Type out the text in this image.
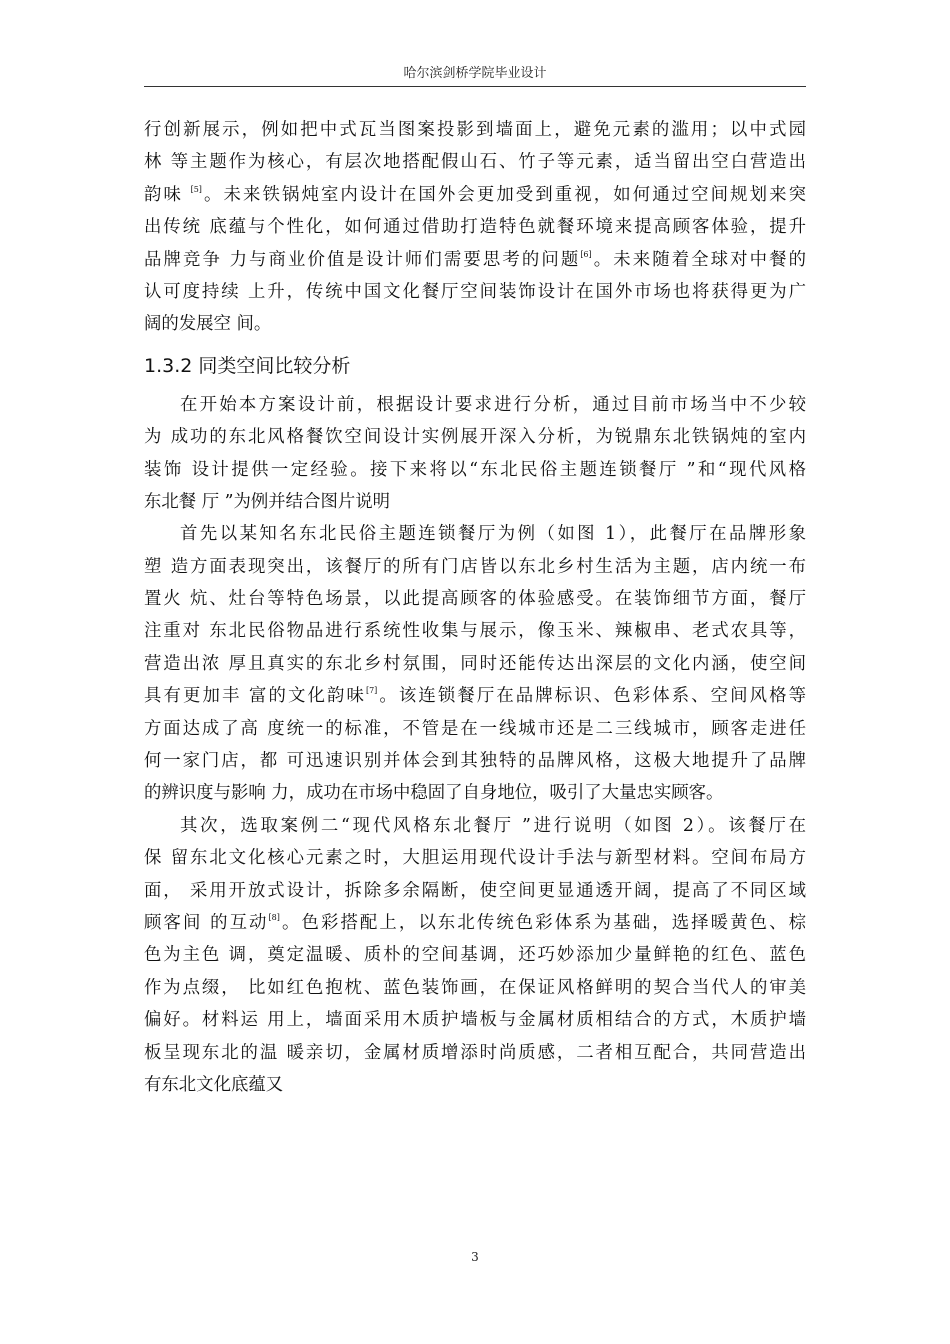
哈尔滨剑桥学院毕业设计
行创新展示，例如把中式瓦当图案投影到墙面上，避免元素的滥用；以中式园
林 等主题作为核心，有层次地搭配假山石、竹子等元素，适当留出空白营造出
韵味 [5]。未来铁锅炖室内设计在国外会更加受到重视，如何通过空间规划来突
出传统 底蕴与个性化，如何通过借助打造特色就餐环境来提高顾客体验，提升
品牌竞争 力与商业价值是设计师们需要思考的问题[6]。未来随着全球对中餐的
认可度持续 上升，传统中国文化餐厅空间装饰设计在国外市场也将获得更为广
阔的发展空 间。
1.3.2 同类空间比较分析
在开始本方案设计前，根据设计要求进行分析，通过目前市场当中不少较
为 成功的东北风格餐饮空间设计实例展开深入分析，为锐鼎东北铁锅炖的室内
装饰 设计提供一定经验。接下来将以“东北民俗主题连锁餐厅 ”和“现代风格
东北餐 厅 ”为例并结合图片说明
首先以某知名东北民俗主题连锁餐厅为例（如图 1），此餐厅在品牌形象
塑 造方面表现突出，该餐厅的所有门店皆以东北乡村生活为主题，店内统一布
置火 炕、灶台等特色场景，以此提高顾客的体验感受。在装饰细节方面，餐厅
注重对 东北民俗物品进行系统性收集与展示，像玉米、辣椒串、老式农具等，
营造出浓 厚且真实的东北乡村氛围，同时还能传达出深层的文化内涵，使空间
具有更加丰 富的文化韵味[7]。该连锁餐厅在品牌标识、色彩体系、空间风格等
方面达成了高 度统一的标准，不管是在一线城市还是二三线城市，顾客走进任
何一家门店，都 可迅速识别并体会到其独特的品牌风格，这极大地提升了品牌
的辨识度与影响 力，成功在市场中稳固了自身地位，吸引了大量忠实顾客。
其次，选取案例二“现代风格东北餐厅 ”进行说明（如图 2）。该餐厅在
保 留东北文化核心元素之时，大胆运用现代设计手法与新型材料。空间布局方
面， 采用开放式设计，拆除多余隔断，使空间更显通透开阔，提高了不同区域
顾客间 的互动[8]。色彩搭配上，以东北传统色彩体系为基础，选择暖黄色、棕
色为主色 调，奠定温暖、质朴的空间基调，还巧妙添加少量鲜艳的红色、蓝色
作为点缀， 比如红色抱枕、蓝色装饰画，在保证风格鲜明的契合当代人的审美
偏好。材料运 用上，墙面采用木质护墙板与金属材质相结合的方式，木质护墙
板呈现东北的温 暖亲切，金属材质增添时尚质感，二者相互配合，共同营造出
有东北文化底蕴又
3
